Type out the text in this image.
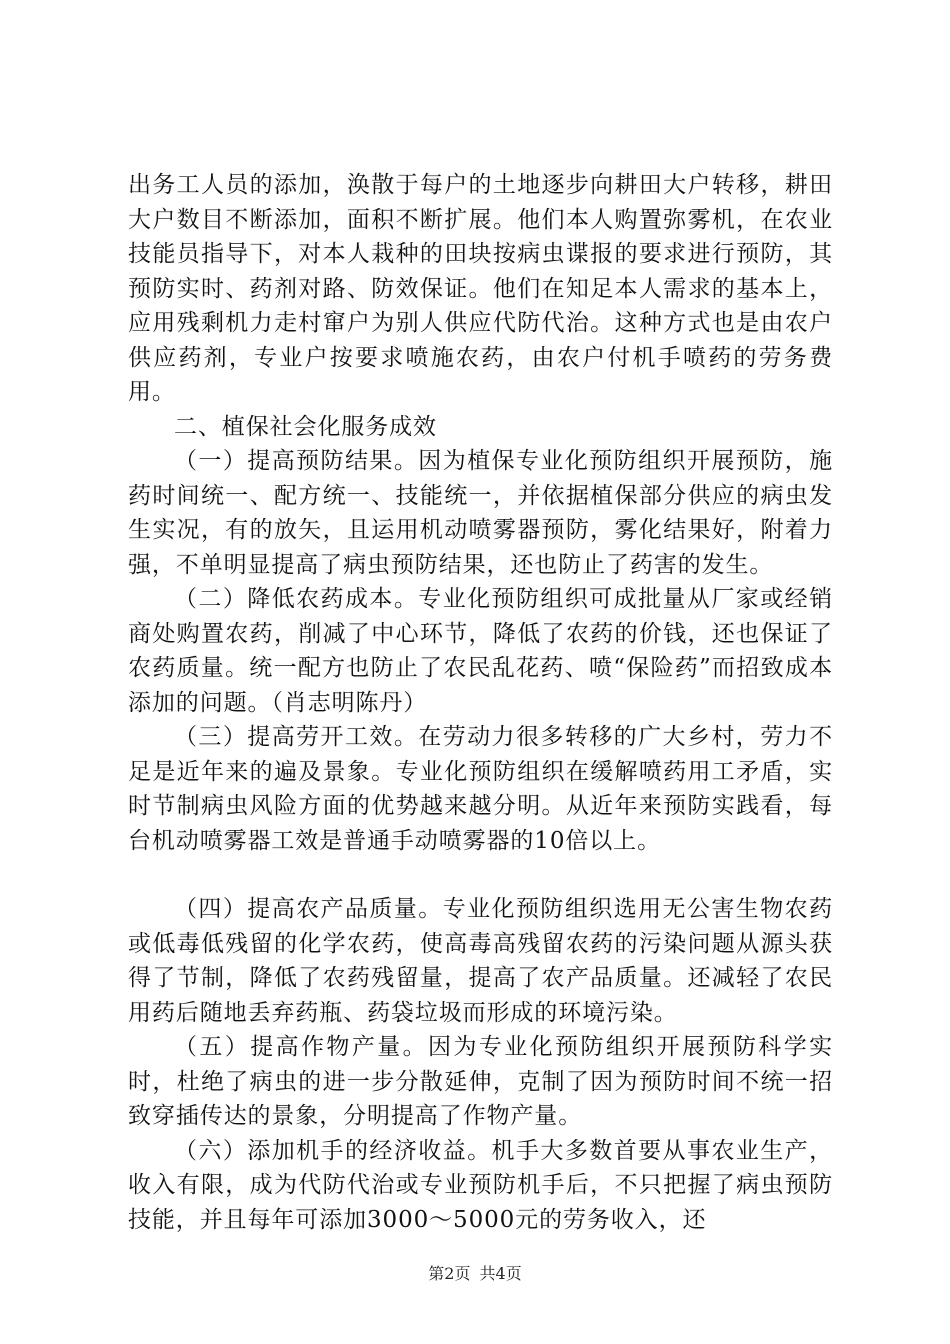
出务工人员的添加，涣散于每户的土地逐步向耕田大户转移，耕田大户数目不断添加，面积不断扩展。他们本人购置弥雾机，在农业技能员指导下，对本人栽种的田块按病虫谍报的要求进行预防，其预防实时、药剂对路、防效保证。他们在知足本人需求的基本上，应用残剩机力走村窜户为别人供应代防代治。这种方式也是由农户供应药剂，专业户按要求喷施农药，由农户付机手喷药的劳务费用。

二、植保社会化服务成效

（一）提高预防结果。因为植保专业化预防组织开展预防，施药时间统一、配方统一、技能统一，并依据植保部分供应的病虫发生实况，有的放矢，且运用机动喷雾器预防，雾化结果好，附着力强，不单明显提高了病虫预防结果，还也防止了药害的发生。

（二）降低农药成本。专业化预防组织可成批量从厂家或经销商处购置农药，削减了中心环节，降低了农药的价钱，还也保证了农药质量。统一配方也防止了农民乱花药、喷“保险药”而招致成本添加的问题。（肖志明陈丹）

（三）提高劳开工效。在劳动力很多转移的广大乡村，劳力不足是近年来的遍及景象。专业化预防组织在缓解喷药用工矛盾，实时节制病虫风险方面的优势越来越分明。从近年来预防实践看，每台机动喷雾器工效是普通手动喷雾器的10倍以上。

（四）提高农产品质量。专业化预防组织选用无公害生物农药或低毒低残留的化学农药，使高毒高残留农药的污染问题从源头获得了节制，降低了农药残留量，提高了农产品质量。还减轻了农民用药后随地丢弃药瓶、药袋垃圾而形成的环境污染。

（五）提高作物产量。因为专业化预防组织开展预防科学实时，杜绝了病虫的进一步分散延伸，克制了因为预防时间不统一招致穿插传达的景象，分明提高了作物产量。

（六）添加机手的经济收益。机手大多数首要从事农业生产，收入有限，成为代防代治或专业预防机手后，不只把握了病虫预防技能，并且每年可添加3000～5000元的劳务收入，还

第2页 共4页
